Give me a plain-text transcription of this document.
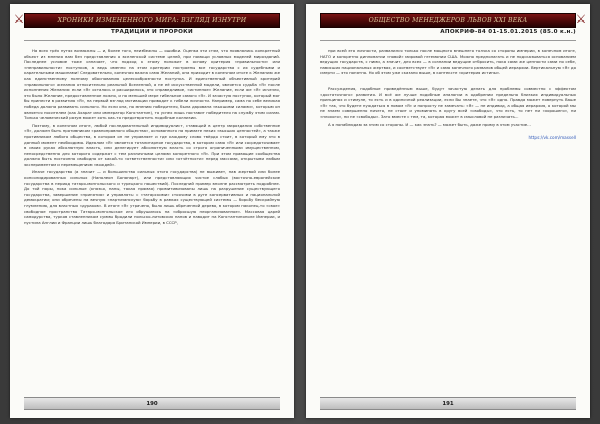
⚔	ХРОНИКИ ИЗМЕНЕННОГО МИРА: ВЗГЛЯД ИЗНУТРИ
ТРАДИЦИИ И ПРОРОКИ

На всех трёх путях возможны — и, более того, неизбежны — ошибки. Оценка эти стэм, что появлялись конкретный объект из мнения вам без представления о вселенской системе целей, при помощи условных моделей мирозданий. Последнее условие тоже означает, что подход к этому положит в основу критерия «правильности» или «неправильности» поступков, а ведь именно на этом критерии построены все государства с их судебными и карательными машинами! Следовательно, конечная важна сама Желаний, она приходит в конечном итоге к Желанию же как единственному полному обоснованию целесообразности поступка. И единственный объективный критерий «правильного» желания относительно реальной Вселенной, а не её искусственной модели, является судьба «Я» после исполнения Желания: если «Я» осталось и расширилось, это справедливое, «истинное» Желание, если же «Я» исчезло, это было Желание, предоставленное ложно, и по меньшей мере гибельное самого «Я». И зачастую поступок, который мог бы принести в развитию «Я», на первый взгляд мотивации приводит к гибели личности. Например, сама по себе великая победа должна развивать сильного. Но если она, по мнению победителя, была дарована «высшими силами», которым он является носителем (как Ахарат или император Константин), то успех лишь поставит победителя на службу этим силам. Только человеческий разум может хоть как-то предотвратить подобные коллизии.

Поэтому, в конечном итоге, любой последовательный индивидуалист, ставящий в центр мироздания собственное «Я», должен быть противником «равноправного общества», основанного на примате неких «высших ценностей», а также противником любого общества, в котором он не управляет и где каждому слово твёрдо стоит, в который ему это в данный момент необходимо. Идеалом «Я» является тоталитарное государство, в котором само «Я» или сосредоточивает в своих руках абсолютную власть, или делегирует абсолютную власть со строго ограниченными имущественном, непосредственно для которого содержат с тем различными целями конкретного «Я». При этом правящие сообщества должно быть постоянно свободно от какой-то «ответственности» или «отчётности» перед массами, открытыми любым экспериментам и перемещениям «вождей».

Иначе государство (а значит — и большинство сильных этого государства) не выживет, пав жертвой или более консолидированных сильных (Наполеон Бонапарт), или представляющих чистое слабых (восточно-европейские государства в период татаро-монгольского и турецкого нашествий). Последний пример вполне рассмотреть подробнее. До той поры, пока сильные (князья, паны, такая прямая) примитивизованы лишь на разрушение существующего государства, завершение «принятия» и управлять: с «татарскими» стоячими в дуге консервативных и национальной демократии; они обречены на вечную «партизанскую» борьбу в рамках существующей системы — борьбу бескрайную глумлению, для властных «дураков». В итоге «Я» утрачено, было лишь обреченной дерево, в котором наконец-то «свое» свободное пространство Татаро-монгольское иго обрушилось на «обросшую неорганизованное». Массовая царей самодурства, турков ставленником суммы бродили польско-литовских панов и наводит на Константинополе Империи, и пустила Англии и Франции лишь благодаря Британской Империи, в СССР,

190
⚔
ОБЩЕСТВО МЕНЕДЖЕРОВ ЛЬВОВ XXI ВЕКА
АПОКРИФ-84 01-15.01.2015 (85.0 к.н.)

при всей его личности, развалился только после мощного внешнего толчка со стороны империи, в конечном итоге, НАТО и конкретно дипломатии «новой» мировой гегемонии США. Можно предполагать и не подсказываться основанием ведущих государств, с ними, а значит, для всех — в сознании ведущие отбросить, пока сами же ценности сами по себе, нависших национальных жертвах, и соответствует «Я» и само конечного развалов общей иерархии. Вертикальную «Я» до смерти — это понятно. Но об этом уже сказано выше, в контексте «критерия истины».

Рассуждения, подобные приведённым выше, будут зачастую делать для проблемы совместно с эффектом «достаточного» развития. И всё же лучше подобные аналогии в одобрении предельно близких индивидуальных принципах и стимуле, то есть и в одиночной реализации, если Вы знаете, что «Я» одно. Правда может повернуть Ваше «Я» так, что будете нуждаться в новом «Я» и попросту не замечать: «Я» — не индивид, а общая иерархия, о которой мы не знаем совершенно ничего, не стоит и упоминать в кругу всей «свободы», что есть, то нет ни «хорошего», ни «плохого», ни не «свободы». Зато вместе с тем, та, которая может в смысловой не различать...

А я понаблюдаю за этим со стороны. И — как знать? — может быть, даже приму в этом участие...

https://vk.com/massell
191
